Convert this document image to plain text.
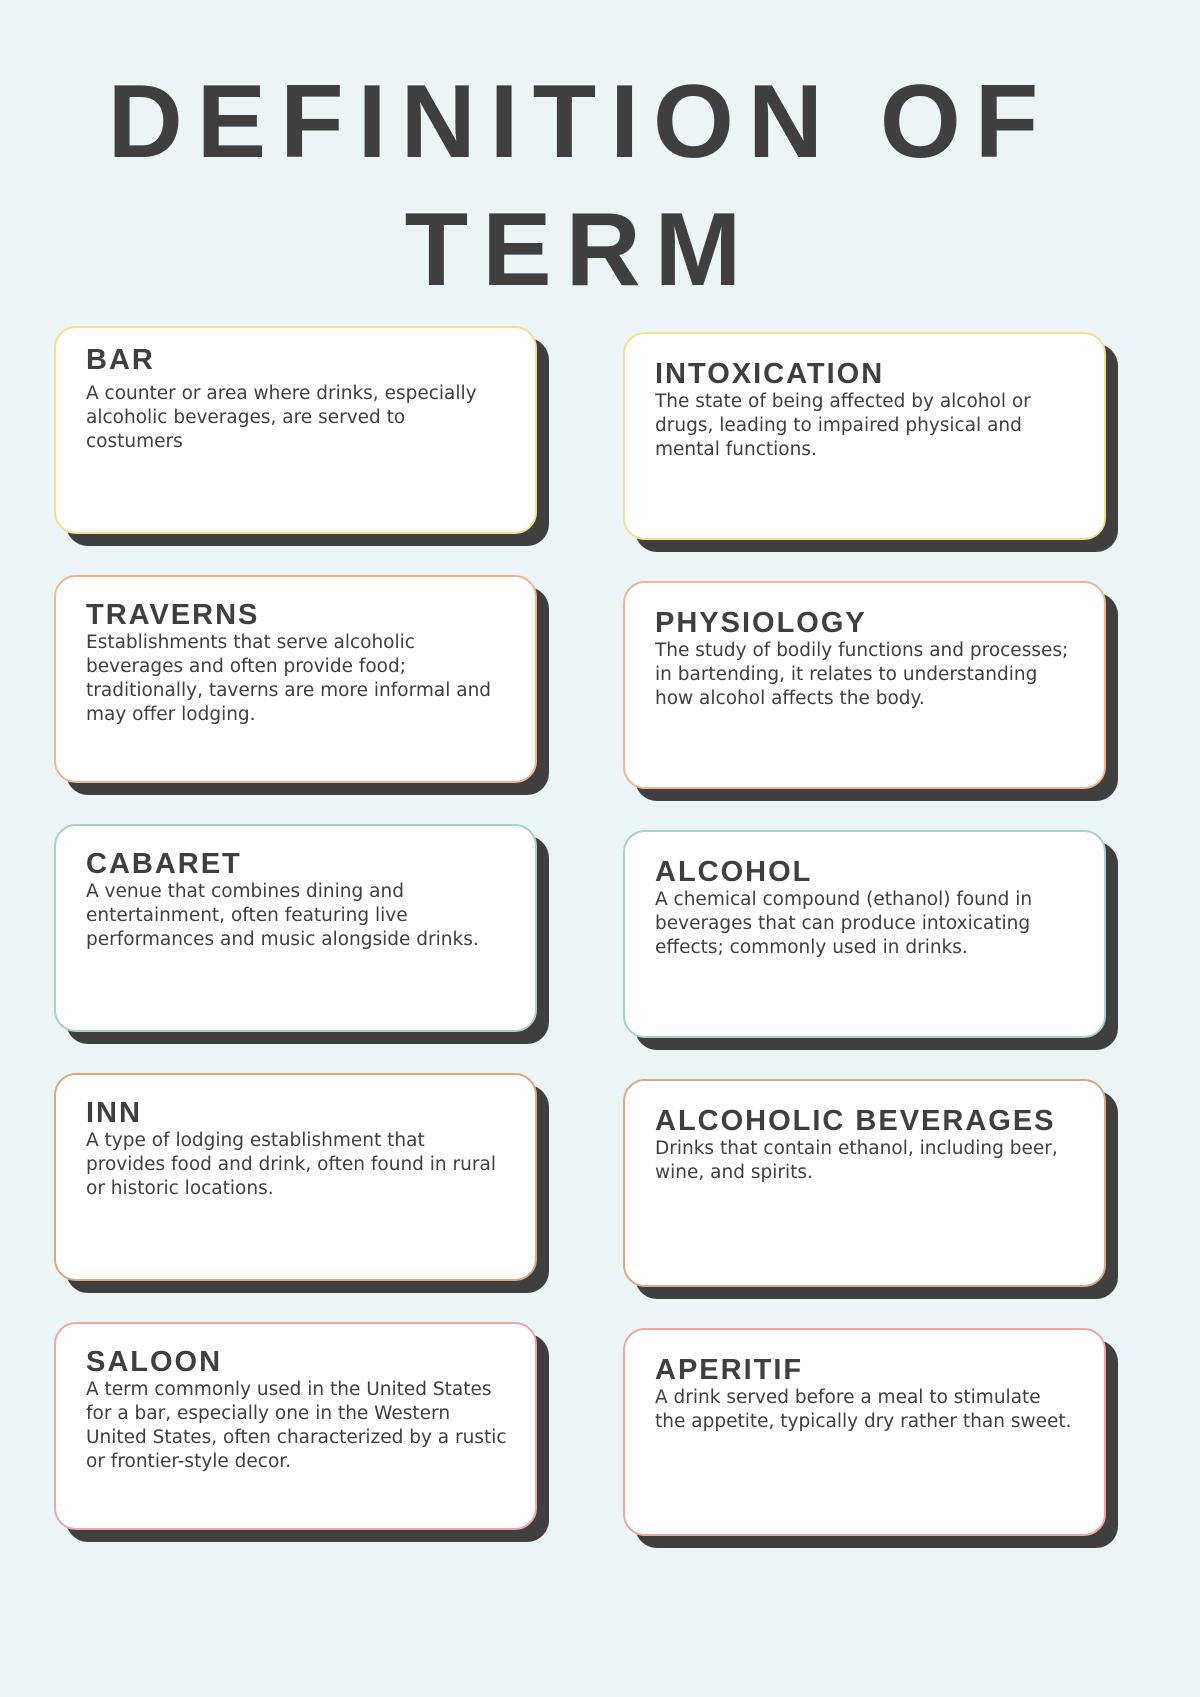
DEFINITION OF
TERM
BAR
A counter or area where drinks, especially alcoholic beverages, are served to costumers
TRAVERNS
Establishments that serve alcoholic beverages and often provide food; traditionally, taverns are more informal and may offer lodging.
CABARET
A venue that combines dining and entertainment, often featuring live performances and music alongside drinks.
INN
A type of lodging establishment that provides food and drink, often found in rural or historic locations.
SALOON
A term commonly used in the United States for a bar, especially one in the Western United States, often characterized by a rustic or frontier-style decor.
INTOXICATION
The state of being affected by alcohol or drugs, leading to impaired physical and mental functions.
PHYSIOLOGY
The study of bodily functions and processes; in bartending, it relates to understanding how alcohol affects the body.
ALCOHOL
A chemical compound (ethanol) found in beverages that can produce intoxicating effects; commonly used in drinks.
ALCOHOLIC BEVERAGES
Drinks that contain ethanol, including beer, wine, and spirits.
APERITIF
A drink served before a meal to stimulate the appetite, typically dry rather than sweet.
